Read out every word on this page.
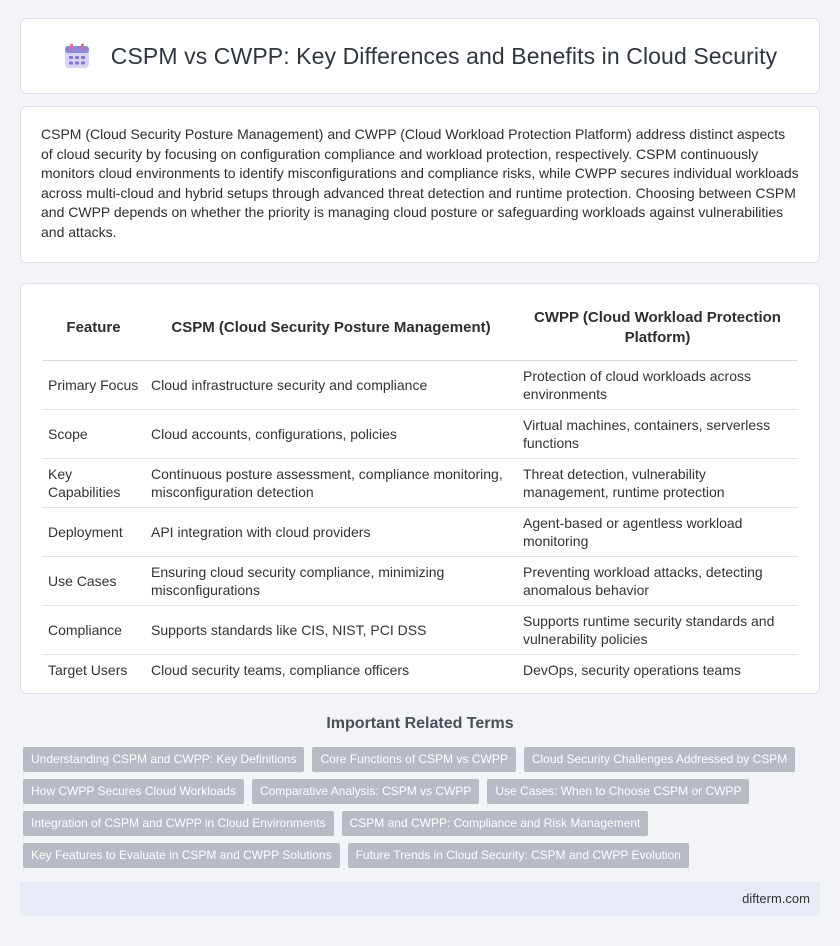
CSPM vs CWPP: Key Differences and Benefits in Cloud Security

CSPM (Cloud Security Posture Management) and CWPP (Cloud Workload Protection Platform) address distinct aspects of cloud security by focusing on configuration compliance and workload protection, respectively. CSPM continuously monitors cloud environments to identify misconfigurations and compliance risks, while CWPP secures individual workloads across multi-cloud and hybrid setups through advanced threat detection and runtime protection. Choosing between CSPM and CWPP depends on whether the priority is managing cloud posture or safeguarding workloads against vulnerabilities and attacks.

Feature	CSPM (Cloud Security Posture Management)	CWPP (Cloud Workload Protection Platform)
Primary Focus	Cloud infrastructure security and compliance	Protection of cloud workloads across environments
Scope	Cloud accounts, configurations, policies	Virtual machines, containers, serverless functions
Key Capabilities	Continuous posture assessment, compliance monitoring, misconfiguration detection	Threat detection, vulnerability management, runtime protection
Deployment	API integration with cloud providers	Agent-based or agentless workload monitoring
Use Cases	Ensuring cloud security compliance, minimizing misconfigurations	Preventing workload attacks, detecting anomalous behavior
Compliance	Supports standards like CIS, NIST, PCI DSS	Supports runtime security standards and vulnerability policies
Target Users	Cloud security teams, compliance officers	DevOps, security operations teams
Important Related Terms
Understanding CSPM and CWPP: Key Definitions	Core Functions of CSPM vs CWPP	Cloud Security Challenges Addressed by CSPM
How CWPP Secures Cloud Workloads	Comparative Analysis: CSPM vs CWPP	Use Cases: When to Choose CSPM or CWPP
Integration of CSPM and CWPP in Cloud Environments	CSPM and CWPP: Compliance and Risk Management
Key Features to Evaluate in CSPM and CWPP Solutions	Future Trends in Cloud Security: CSPM and CWPP Evolution
difterm.com
